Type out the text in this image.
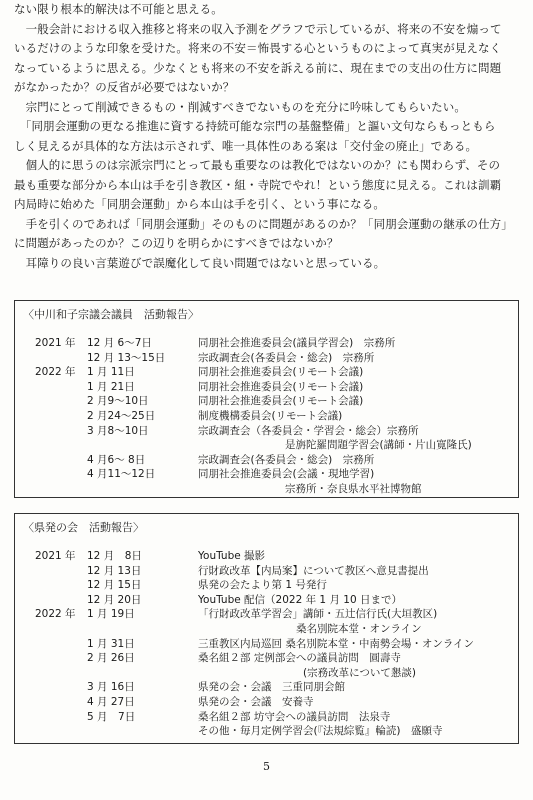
ない限り根本的解決は不可能と思える。

　一般会計における収入推移と将来の収入予測をグラフで示しているが、将来の不安を煽って

いるだけのような印象を受けた。将来の不安＝怖畏する心というものによって真実が見えなく

なっているように思える。少なくとも将来の不安を訴える前に、現在までの支出の仕方に問題

がなかったか？の反省が必要ではないか？

　宗門にとって削減できるもの・削減すべきでないものを充分に吟味してもらいたい。

　「同朋会運動の更なる推進に資する持続可能な宗門の基盤整備」と謳い文句ならもっともら

しく見えるが具体的な方法は示されず、唯一具体性のある案は「交付金の廃止」である。

　個人的に思うのは宗派宗門にとって最も重要なのは教化ではないのか？にも関わらず、その

最も重要な部分から本山は手を引き教区・組・寺院でやれ！という態度に見える。これは訓覇

内局時に始めた「同朋会運動」から本山は手を引く、という事になる。

　手を引くのであれば「同朋会運動」そのものに問題があるのか？「同朋会運動の継承の仕方」

に問題があったのか？この辺りを明らかにすべきではないか？

　耳障りの良い言葉遊びで誤魔化して良い問題ではないと思っている。

〈中川和子宗議会議員　活動報告〉
2021 年 12 月 6〜7日	同朋社会推進委員会(議員学習会)　宗務所
12 月 13〜15日	宗政調査会(各委員会・総会)　宗務所
2022 年 1 月 11日	同朋社会推進委員会(リモート会議)
1 月 21日	同朋社会推進委員会(リモート会議)
2 月9〜10日	同朋社会推進委員会(リモート会議)
2 月24〜25日	制度機構委員会(リモート会議)
3 月8〜10日	宗政調査会（各委員会・学習会・総会）宗務所
是旃陀羅問題学習会(講師・片山寛隆氏)
4 月6〜 8日	宗政調査会(各委員会・総会)　宗務所
4 月11〜12日	同朋社会推進委員会(会議・現地学習)
宗務所・奈良県水平社博物館
〈県発の会　活動報告〉
2021 年 12 月　8日	YouTube 撮影
12 月 13日	行財政改革【内局案】について教区へ意見書提出
12 月 15日	県発の会たより第 1 号発行
12 月 20日	YouTube 配信（2022 年 1 月 10 日まで）
2022 年 1 月 19日	「行財政改革学習会」講師・五辻信行氏(大垣教区)
桑名別院本堂・オンライン
1 月 31日	三重教区内局巡回 桑名別院本堂・中南勢会場・オンライン
2 月 26日	桑名組２部 定例部会への議員訪問　圓壽寺
(宗務改革について懇談)
3 月 16日	県発の会・会議　三重同朋会館
4 月 27日	県発の会・会議　安養寺
5 月　7日	桑名組２部 坊守会への議員訪問　法泉寺
その他・毎月定例学習会(『法規綜覧』輪読)　盛願寺
5
